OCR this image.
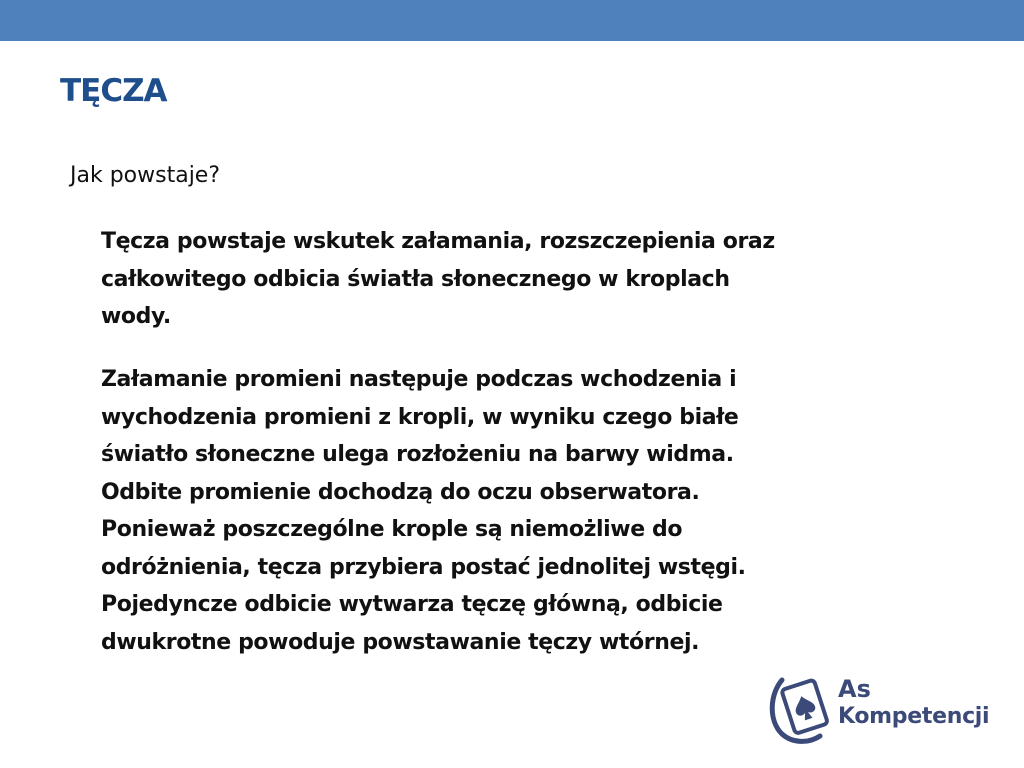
TĘCZA
Jak powstaje?
Tęcza powstaje wskutek załamania, rozszczepienia oraz
całkowitego odbicia światła słonecznego w kroplach
wody.
Załamanie promieni następuje podczas wchodzenia i
wychodzenia promieni z kropli, w wyniku czego białe
światło słoneczne ulega rozłożeniu na barwy widma.
Odbite promienie dochodzą do oczu obserwatora.
Ponieważ poszczególne krople są niemożliwe do
odróżnienia, tęcza przybiera postać jednolitej wstęgi.
Pojedyncze odbicie wytwarza tęczę główną, odbicie
dwukrotne powoduje powstawanie tęczy wtórnej.
As
Kompetencji
